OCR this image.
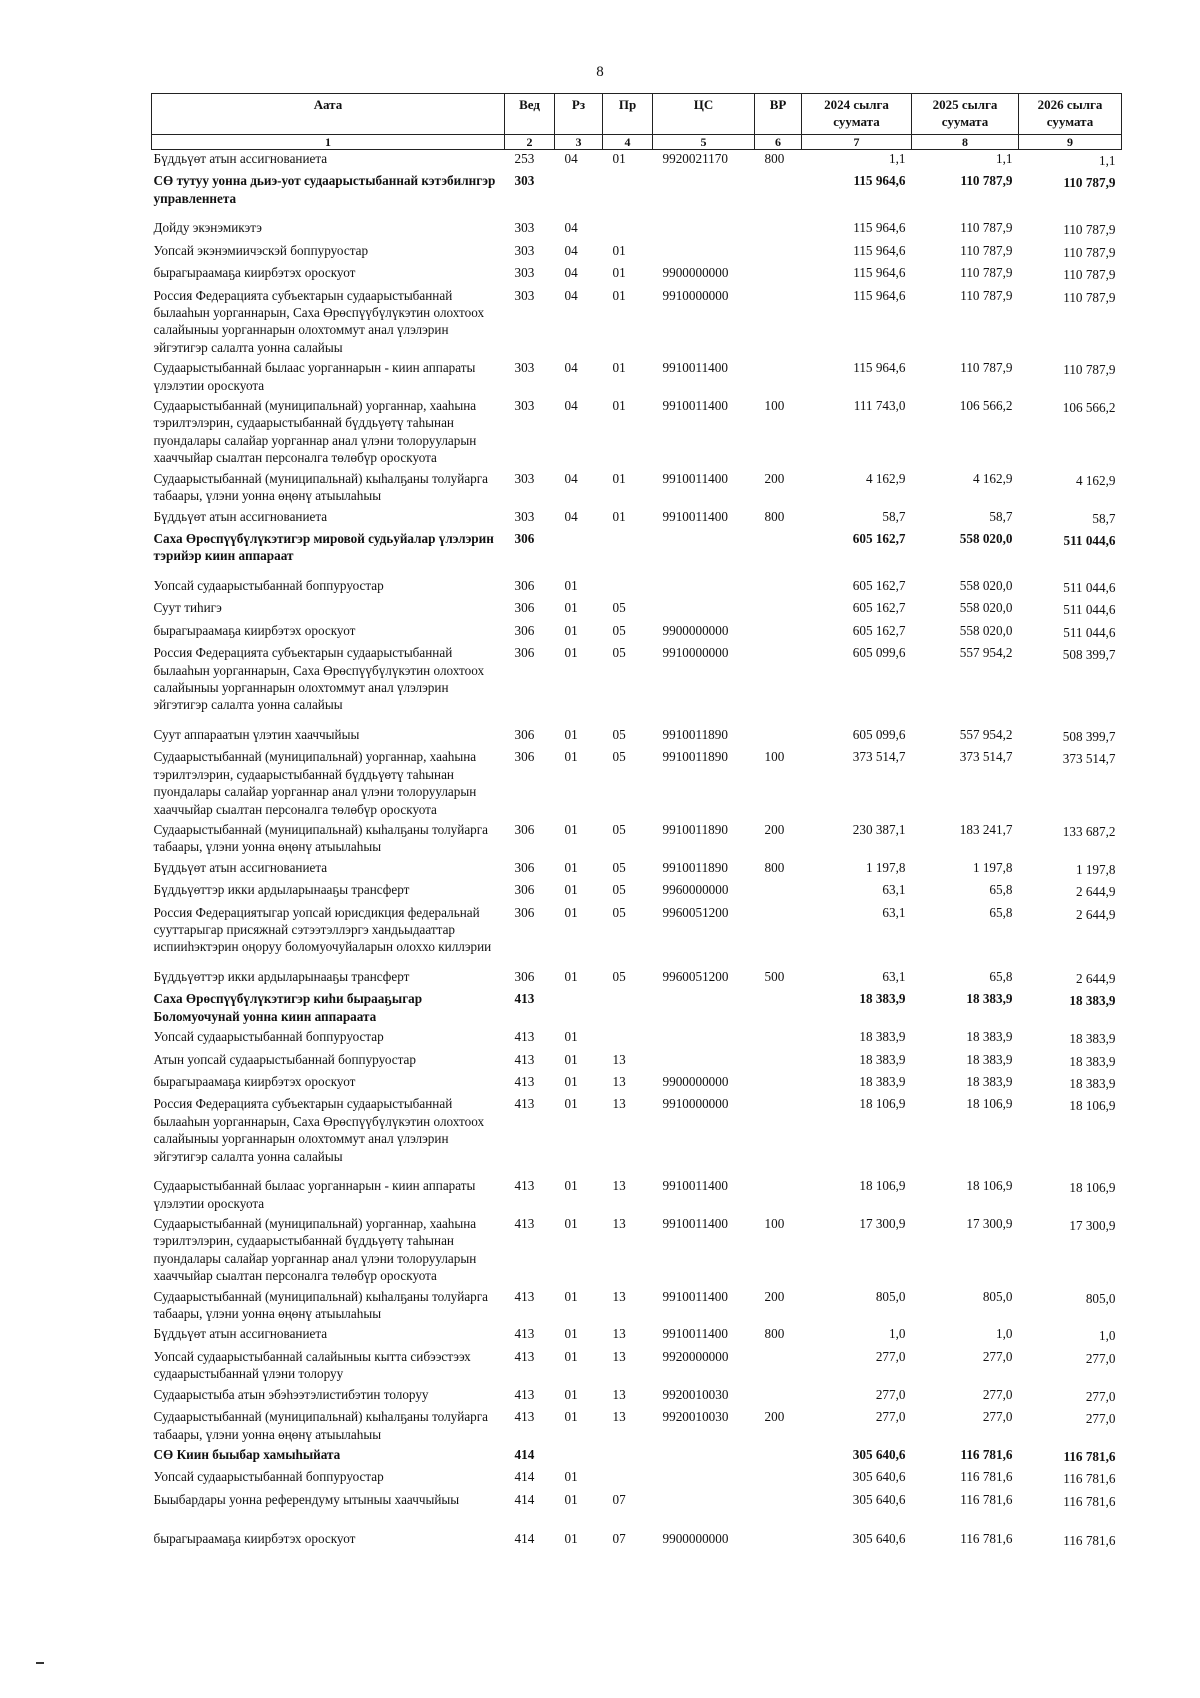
8
Аата	Вед	Рз	Пр	ЦС	ВР	2024 сылга суумата	2025 сылга суумата	2026 сылга суумата
1	2	3	4	5	6	7	8	9
Бүддьүөт атын ассигнованиета	253	04	01	9920021170	800	1,1	1,1	1,1
СӨ тутуу уонна дьиэ-уот судаарыстыбаннай кэтэбилнгэр управленнета	303					115 964,6	110 787,9	110 787,9
Дойду экэнэмикэтэ	303	04				115 964,6	110 787,9	110 787,9
Уопсай экэнэмиичэскэй боппуруостар	303	04	01			115 964,6	110 787,9	110 787,9
бырагыраамаҕа киирбэтэх ороскуот	303	04	01	9900000000		115 964,6	110 787,9	110 787,9
Россия Федерацията субъектарын судаарыстыбаннай былааһын уорганнарын, Саха Өрөспүүбүлүкэтин олохтоох салайыныы уорганнарын олохтоммут анал үлэлэрин эйгэтигэр салалта уонна салайыы	303	04	01	9910000000		115 964,6	110 787,9	110 787,9
Судаарыстыбаннай былаас уорганнарын - киин аппараты үлэлэтии ороскуота	303	04	01	9910011400		115 964,6	110 787,9	110 787,9
Судаарыстыбаннай (муниципальнай) уорганнар, хааһына тэрилтэлэрин, судаарыстыбаннай бүддьүөтү таһынан пуондалары салайар уорганнар анал үлэни толорууларын хааччыйар сыалтан персоналга төлөбүр ороскуота	303	04	01	9910011400	100	111 743,0	106 566,2	106 566,2
Судаарыстыбаннай (муниципальнай) кыһалҕаны толуйарга табаары, үлэни уонна өңөнү атыылаһыы	303	04	01	9910011400	200	4 162,9	4 162,9	4 162,9
Бүддьүөт атын ассигнованиета	303	04	01	9910011400	800	58,7	58,7	58,7
Саха Өрөспүүбүлүкэтигэр мировой судьуйалар үлэлэрин тэрийэр киин аппараат	306					605 162,7	558 020,0	511 044,6
Уопсай судаарыстыбаннай боппуруостар	306	01				605 162,7	558 020,0	511 044,6
Суут тиһигэ	306	01	05			605 162,7	558 020,0	511 044,6
бырагыраамаҕа киирбэтэх ороскуот	306	01	05	9900000000		605 162,7	558 020,0	511 044,6
Россия Федерацията субъектарын судаарыстыбаннай былааһын уорганнарын, Саха Өрөспүүбүлүкэтин олохтоох салайыныы уорганнарын олохтоммут анал үлэлэрин эйгэтигэр салалта уонна салайыы	306	01	05	9910000000		605 099,6	557 954,2	508 399,7
Суут аппараатын үлэтин хааччыйыы	306	01	05	9910011890		605 099,6	557 954,2	508 399,7
Судаарыстыбаннай (муниципальнай) уорганнар, хааһына тэрилтэлэрин, судаарыстыбаннай бүддьүөтү таһынан пуондалары салайар уорганнар анал үлэни толорууларын хааччыйар сыалтан персоналга төлөбүр ороскуота	306	01	05	9910011890	100	373 514,7	373 514,7	373 514,7
Судаарыстыбаннай (муниципальнай) кыһалҕаны толуйарга табаары, үлэни уонна өңөнү атыылаһыы	306	01	05	9910011890	200	230 387,1	183 241,7	133 687,2
Бүддьүөт атын ассигнованиета	306	01	05	9910011890	800	1 197,8	1 197,8	1 197,8
Бүддьүөттэр икки ардыларынааҕы трансферт	306	01	05	9960000000		63,1	65,8	2 644,9
Россия Федерациятыгар уопсай юрисдикция федеральнай сууттарыгар присяжнай сэтээтэллэргэ хандьыдааттар испииһэктэрин оңоруу боломуочуйаларын олоххо киллэрии	306	01	05	9960051200		63,1	65,8	2 644,9
Бүддьүөттэр икки ардыларынааҕы трансферт	306	01	05	9960051200	500	63,1	65,8	2 644,9
Саха Өрөспүүбүлүкэтигэр киһи бырааҕыгар Боломуочунай уонна киин аппараата	413					18 383,9	18 383,9	18 383,9
Уопсай судаарыстыбаннай боппуруостар	413	01				18 383,9	18 383,9	18 383,9
Атын уопсай судаарыстыбаннай боппуруостар	413	01	13			18 383,9	18 383,9	18 383,9
бырагыраамаҕа киирбэтэх ороскуот	413	01	13	9900000000		18 383,9	18 383,9	18 383,9
Россия Федерацията субъектарын судаарыстыбаннай былааһын уорганнарын, Саха Өрөспүүбүлүкэтин олохтоох салайыныы уорганнарын олохтоммут анал үлэлэрин эйгэтигэр салалта уонна салайыы	413	01	13	9910000000		18 106,9	18 106,9	18 106,9
Судаарыстыбаннай былаас уорганнарын - киин аппараты үлэлэтии ороскуота	413	01	13	9910011400		18 106,9	18 106,9	18 106,9
Судаарыстыбаннай (муниципальнай) уорганнар, хааһына тэрилтэлэрин, судаарыстыбаннай бүддьүөтү таһынан пуондалары салайар уорганнар анал үлэни толорууларын хааччыйар сыалтан персоналга төлөбүр ороскуота	413	01	13	9910011400	100	17 300,9	17 300,9	17 300,9
Судаарыстыбаннай (муниципальнай) кыһалҕаны толуйарга табаары, үлэни уонна өңөнү атыылаһыы	413	01	13	9910011400	200	805,0	805,0	805,0
Бүддьүөт атын ассигнованиета	413	01	13	9910011400	800	1,0	1,0	1,0
Уопсай судаарыстыбаннай салайыныы кытта сибээстээх судаарыстыбаннай үлэни толоруу	413	01	13	9920000000		277,0	277,0	277,0
Судаарыстыба атын эбэһээтэлистибэтин толоруу	413	01	13	9920010030		277,0	277,0	277,0
Судаарыстыбаннай (муниципальнай) кыһалҕаны толуйарга табаары, үлэни уонна өңөнү атыылаһыы	413	01	13	9920010030	200	277,0	277,0	277,0
СӨ Киин быыбар хамыһыйата	414					305 640,6	116 781,6	116 781,6
Уопсай судаарыстыбаннай боппуруостар	414	01				305 640,6	116 781,6	116 781,6
Быыбардары уонна референдуму ытыныы хааччыйыы	414	01	07			305 640,6	116 781,6	116 781,6
бырагыраамаҕа киирбэтэх ороскуот	414	01	07	9900000000		305 640,6	116 781,6	116 781,6
